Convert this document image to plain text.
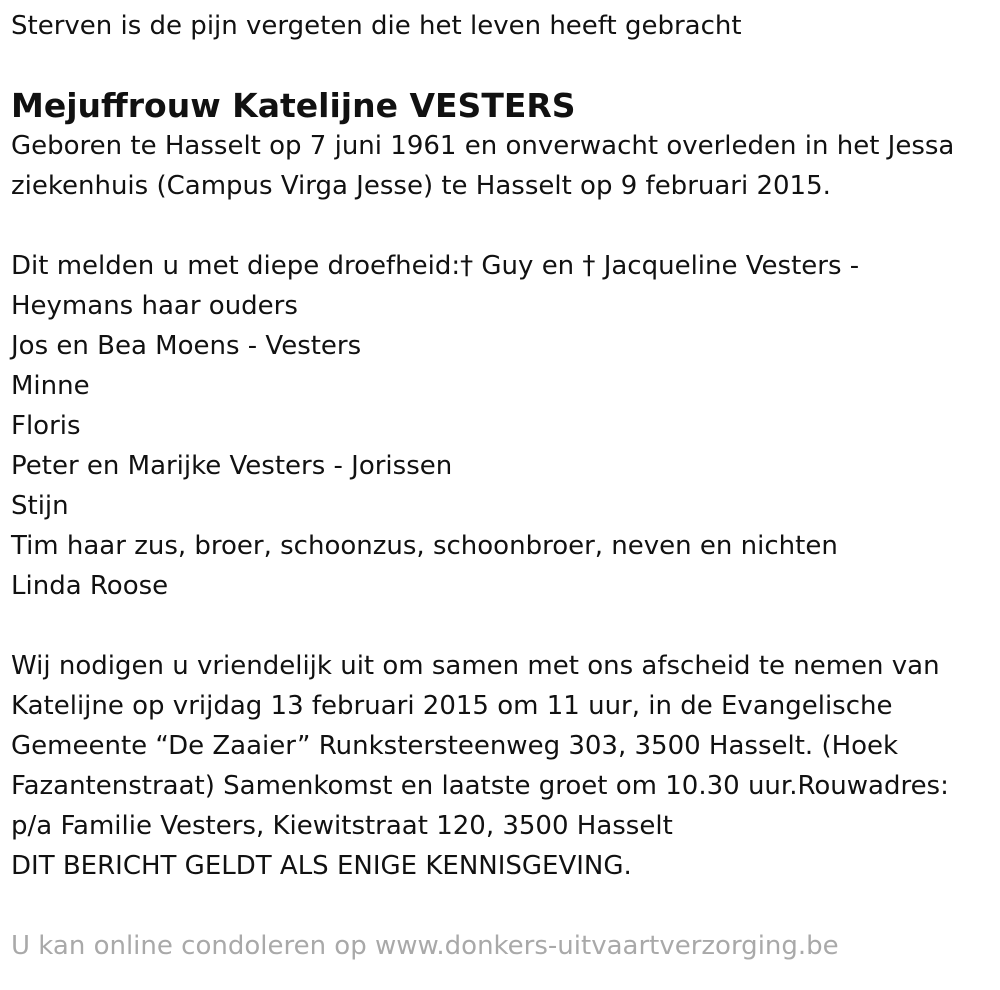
Sterven is de pijn vergeten die het leven heeft gebracht
Mejuffrouw Katelijne VESTERS
Geboren te Hasselt op 7 juni 1961 en onverwacht overleden in het Jessa
ziekenhuis (Campus Virga Jesse) te Hasselt op 9 februari 2015.
Dit melden u met diepe droefheid:† Guy en † Jacqueline Vesters -
Heymans haar ouders
Jos en Bea Moens - Vesters
Minne
Floris
Peter en Marijke Vesters - Jorissen
Stijn
Tim haar zus, broer, schoonzus, schoonbroer, neven en nichten
Linda Roose
Wij nodigen u vriendelijk uit om samen met ons afscheid te nemen van
Katelijne op vrijdag 13 februari 2015 om 11 uur, in de Evangelische
Gemeente “De Zaaier” Runkstersteenweg 303, 3500 Hasselt. (Hoek
Fazantenstraat) Samenkomst en laatste groet om 10.30 uur.Rouwadres:
p/a Familie Vesters, Kiewitstraat 120, 3500 Hasselt
DIT BERICHT GELDT ALS ENIGE KENNISGEVING.
U kan online condoleren op www.donkers-uitvaartverzorging.be
